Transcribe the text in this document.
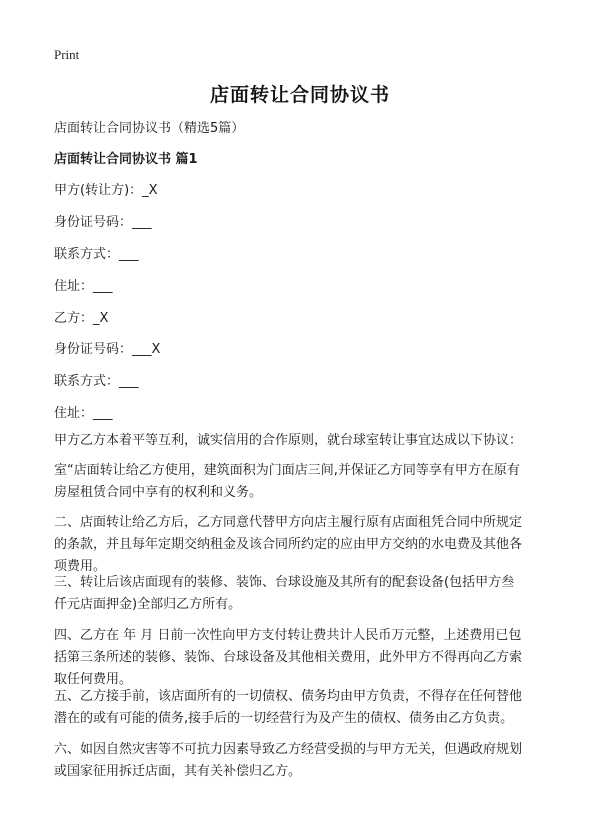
Print
店面转让合同协议书
店面转让合同协议书（精选5篇）
店面转让合同协议书 篇1
甲方(转让方)：_X
身份证号码：___
联系方式：___
住址：___
乙方：_X
身份证号码：___X
联系方式：___
住址：___
甲方乙方本着平等互利，诚实信用的合作原则，就台球室转让事宜达成以下协议：
室“店面转让给乙方使用，建筑面积为门面店三间,并保证乙方同等享有甲方在原有
房屋租赁合同中享有的权利和义务。
二、店面转让给乙方后，乙方同意代替甲方向店主履行原有店面租凭合同中所规定
的条款，并且每年定期交纳租金及该合同所约定的应由甲方交纳的水电费及其他各
项费用。
三、转让后该店面现有的装修、装饰、台球设施及其所有的配套设备(包括甲方叁
仟元店面押金)全部归乙方所有。
四、乙方在 年 月 日前一次性向甲方支付转让费共计人民币万元整，上述费用已包
括第三条所述的装修、装饰、台球设备及其他相关费用，此外甲方不得再向乙方索
取任何费用。
五、乙方接手前，该店面所有的一切债权、债务均由甲方负责，不得存在任何替他
潜在的或有可能的债务,接手后的一切经营行为及产生的债权、债务由乙方负责。
六、如因自然灾害等不可抗力因素导致乙方经营受损的与甲方无关，但遇政府规划
或国家征用拆迁店面，其有关补偿归乙方。
